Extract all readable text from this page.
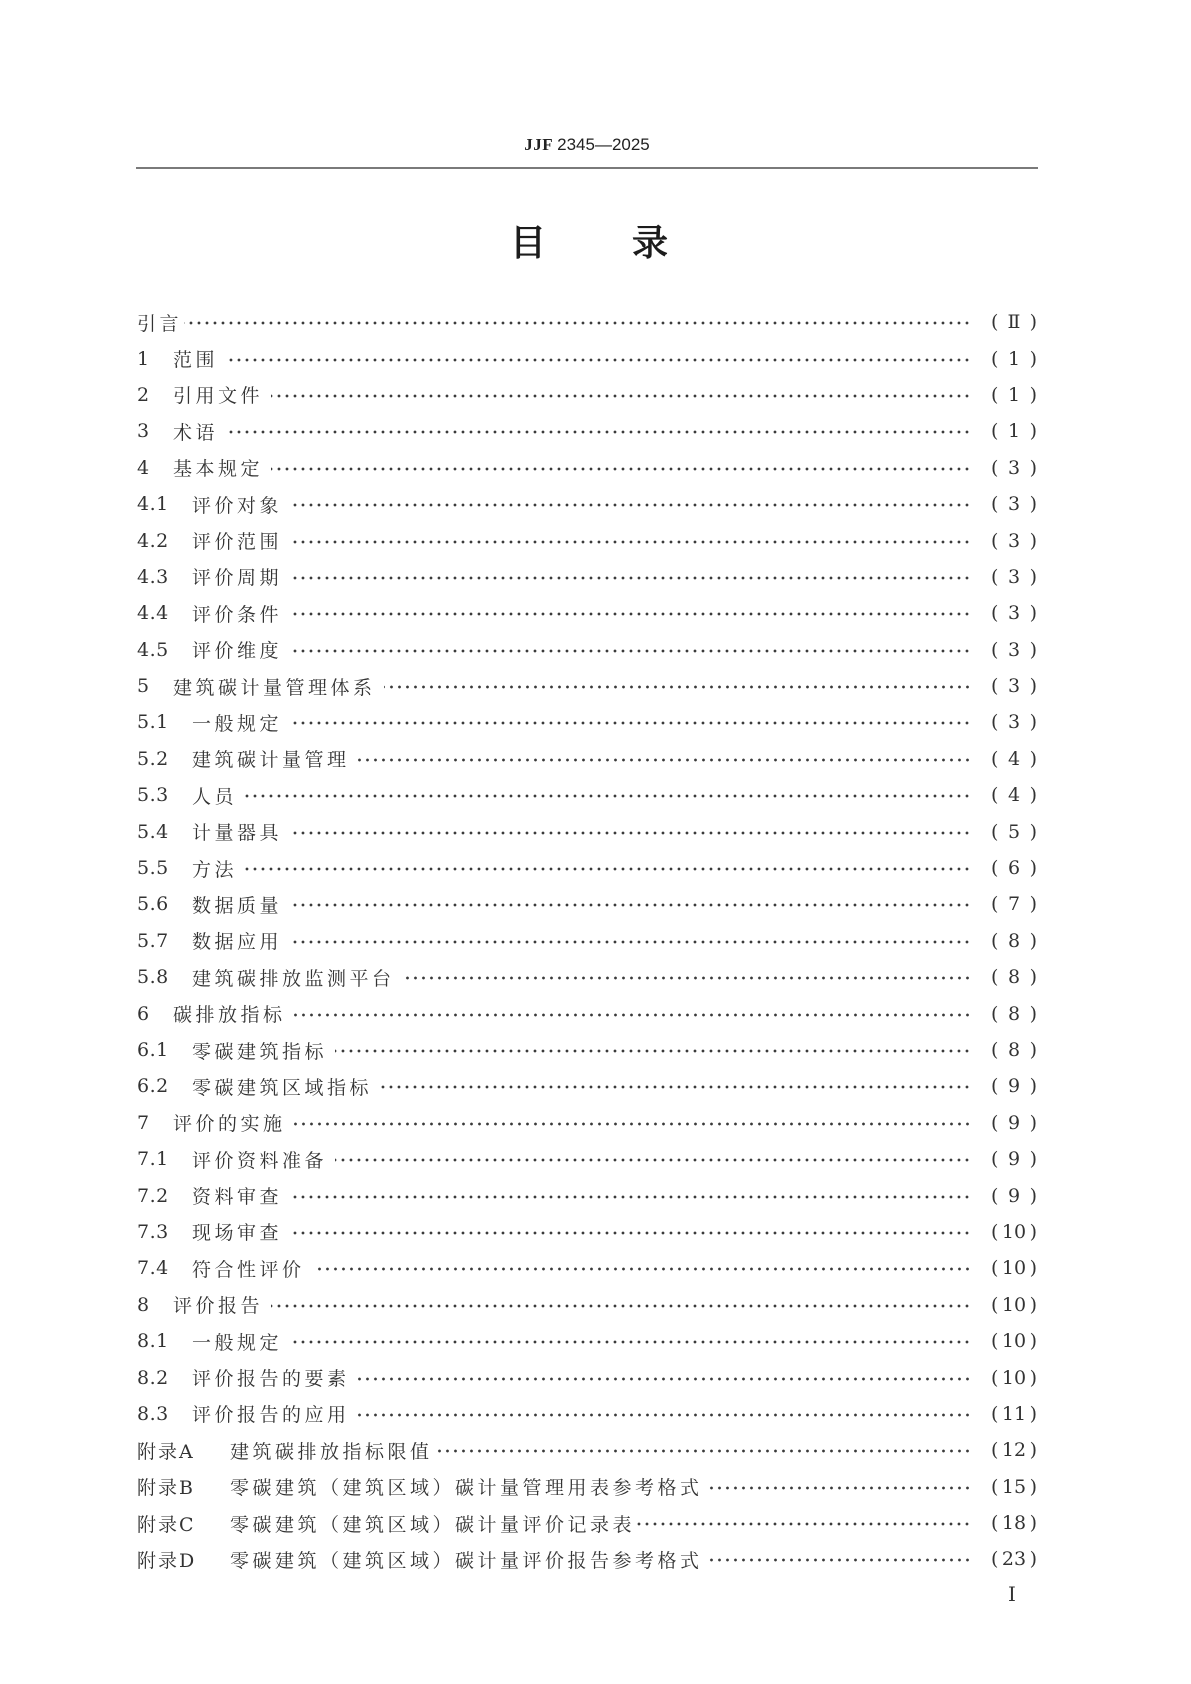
JJF 2345—2025
目录
引言	( Ⅱ )
1	范围	( 1 )
2	引用文件	( 1 )
3	术语	( 1 )
4	基本规定	( 3 )
4.1	评价对象	( 3 )
4.2	评价范围	( 3 )
4.3	评价周期	( 3 )
4.4	评价条件	( 3 )
4.5	评价维度	( 3 )
5	建筑碳计量管理体系	( 3 )
5.1	一般规定	( 3 )
5.2	建筑碳计量管理	( 4 )
5.3	人员	( 4 )
5.4	计量器具	( 5 )
5.5	方法	( 6 )
5.6	数据质量	( 7 )
5.7	数据应用	( 8 )
5.8	建筑碳排放监测平台	( 8 )
6	碳排放指标	( 8 )
6.1	零碳建筑指标	( 8 )
6.2	零碳建筑区域指标	( 9 )
7	评价的实施	( 9 )
7.1	评价资料准备	( 9 )
7.2	资料审查	( 9 )
7.3	现场审查	( 10 )
7.4	符合性评价	( 10 )
8	评价报告	( 10 )
8.1	一般规定	( 10 )
8.2	评价报告的要素	( 10 )
8.3	评价报告的应用	( 11 )
附录A	建筑碳排放指标限值	( 12 )
附录B	零碳建筑（建筑区域）碳计量管理用表参考格式	( 15 )
附录C	零碳建筑（建筑区域）碳计量评价记录表	( 18 )
附录D	零碳建筑（建筑区域）碳计量评价报告参考格式	( 23 )
I
